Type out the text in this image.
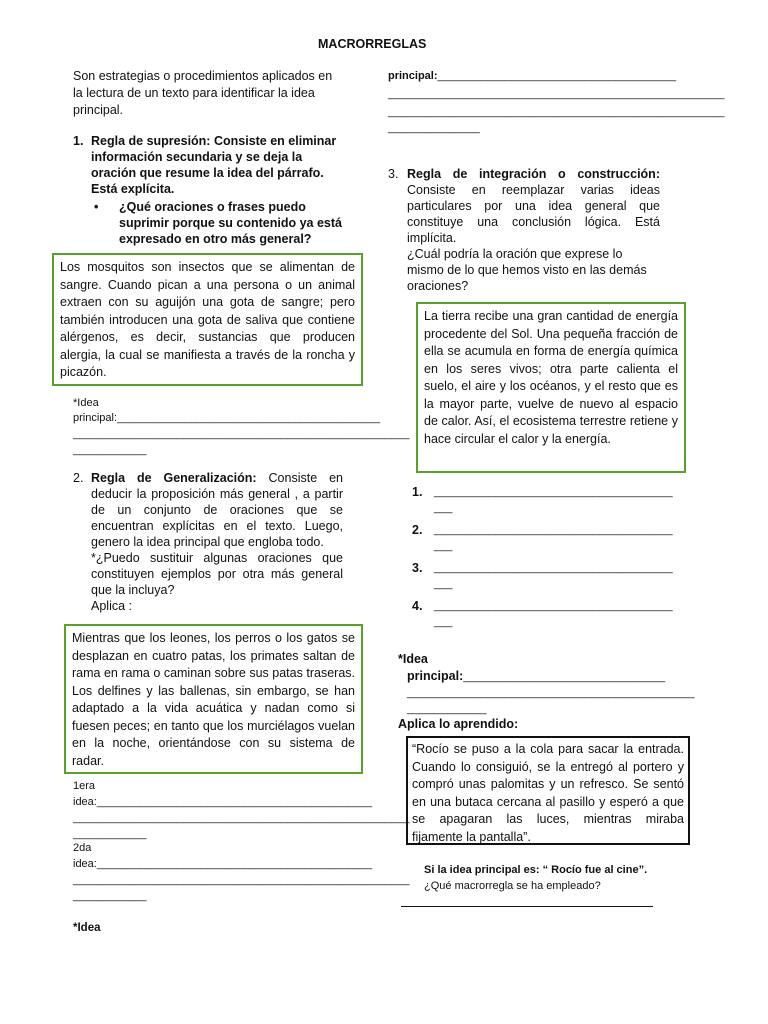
MACRORREGLAS
Son estrategias o procedimientos aplicados en la lectura de un texto para identificar la idea principal.
1. Regla de supresión: Consiste en eliminar información secundaria y se deja la oración que resume la idea del párrafo. Está explícita.
• ¿Qué oraciones o frases puedo suprimir porque su contenido ya está expresado en otro más general?
Los mosquitos son insectos que se alimentan de sangre. Cuando pican a una persona o un animal extraen con su aguijón una gota de sangre; pero también introducen una gota de saliva que contiene alérgenos, es decir, sustancias que producen alergia, la cual se manifiesta a través de la roncha y picazón.
*Idea
principal:___________________________________________
_______________________________________________________
____________
2. Regla de Generalización: Consiste en deducir la proposición más general , a partir de un conjunto de oraciones que se encuentran explícitas en el texto. Luego, genero la idea principal que engloba todo.
*¿Puedo sustituir algunas oraciones que constituyen ejemplos por otra más general que la incluya?
Aplica :
Mientras que los leones, los perros o los gatos se desplazan en cuatro patas, los primates saltan de rama en rama o caminan sobre sus patas traseras. Los delfines y las ballenas, sin embargo, se han adaptado a la vida acuática y nadan como si fuesen peces; en tanto que los murciélagos vuelan en la noche, orientándose con su sistema de radar.
1era
idea:_____________________________________________
_______________________________________________________
____________
2da
idea:_____________________________________________
_______________________________________________________
____________
*Idea
principal:_______________________________________
_______________________________________________________
_______________________________________________________
_______________
3. Regla de integración o construcción:
Consiste en reemplazar varias ideas particulares por una idea general que constituye una conclusión lógica. Está implícita.
¿Cuál podría la oración que exprese lo mismo de lo que hemos visto en las demás oraciones?
La tierra recibe una gran cantidad de energía procedente del Sol. Una pequeña fracción de ella se acumula en forma de energía química en los seres vivos; otra parte calienta el suelo, el aire y los océanos, y el resto que es la mayor parte, vuelve de nuevo al espacio de calor. Así, el ecosistema terrestre retiene y hace circular el calor y la energía.
1. _______________________________________
___
2. _______________________________________
___
3. _______________________________________
___
4. _______________________________________
___
*Idea
principal:_________________________________
_______________________________________________
_____________
Aplica lo aprendido:
“Rocío se puso a la cola para sacar la entrada. Cuando lo consiguió, se la entregó al portero y compró unas palomitas y un refresco. Se sentó en una butaca cercana al pasillo y esperó a que se apagaran las luces, mientras miraba fijamente la pantalla”.
Si la idea principal es: “ Rocío fue al cine”.
¿Qué macrorregla se ha empleado?
